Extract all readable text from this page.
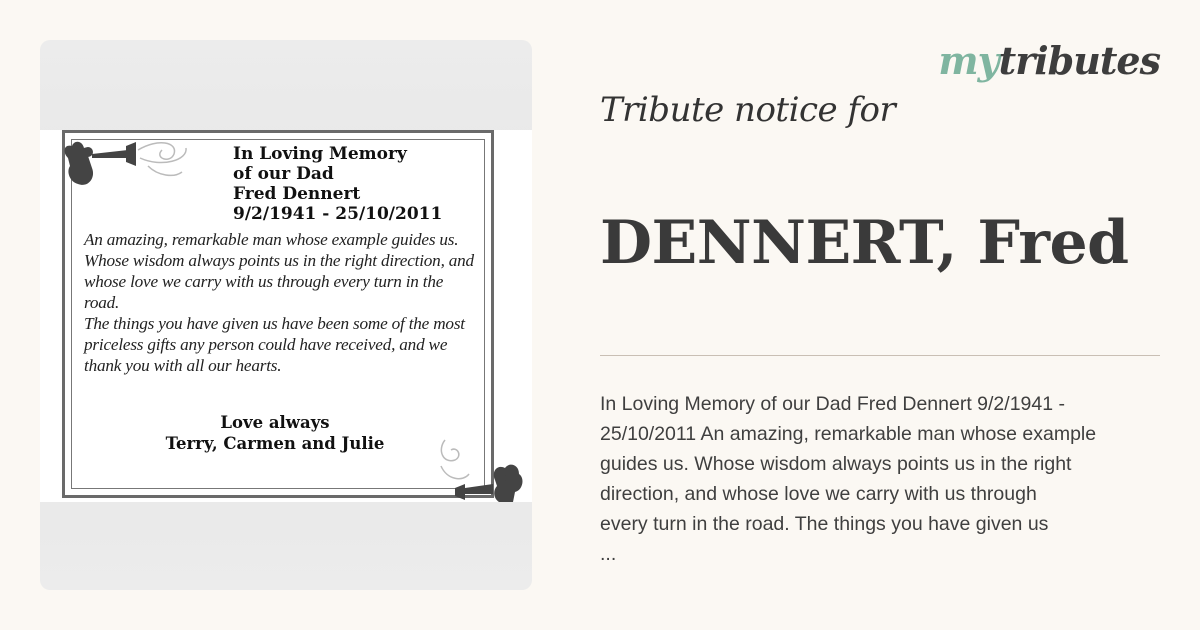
In Loving Memory
of our Dad
Fred Dennert
9/2/1941 - 25/10/2011

An amazing, remarkable man whose example guides us.

Whose wisdom always points us in the right direction, and whose love we carry with us through every turn in the road.

The things you have given us have been some of the most priceless gifts any person could have received, and we thank you with all our hearts.

Love always
Terry, Carmen and Julie
mytributes
Tribute notice for
DENNERT, Fred
In Loving Memory of our Dad Fred Dennert 9/2/1941 -
25/10/2011 An amazing, remarkable man whose example
guides us. Whose wisdom always points us in the right
direction, and whose love we carry with us through
every turn in the road. The things you have given us
...
